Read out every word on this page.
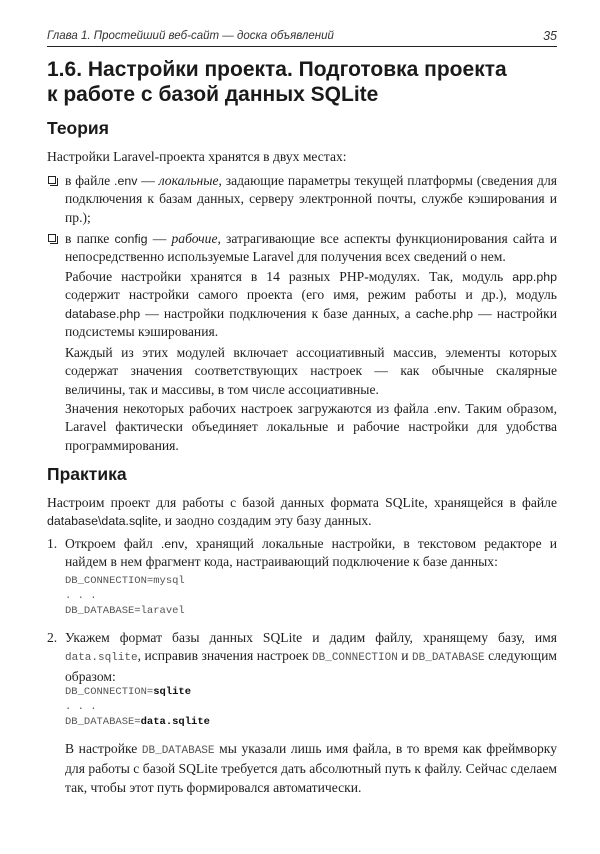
Глава 1. Простейший веб-сайт — доска объявлений	35
1.6. Настройки проекта. Подготовка проекта
к работе с базой данных SQLite
Теория

Настройки Laravel-проекта хранятся в двух местах:

в файле .env — локальные, задающие параметры текущей платформы (сведения для подключения к базам данных, серверу электронной почты, службе кэширования и пр.);
в папке config — рабочие, затрагивающие все аспекты функционирования сайта и непосредственно используемые Laravel для получения всех сведений о нем.

Рабочие настройки хранятся в 14 разных PHP-модулях. Так, модуль app.php содержит настройки самого проекта (его имя, режим работы и др.), модуль database.php — настройки подключения к базе данных, а cache.php — настройки подсистемы кэширования.

Каждый из этих модулей включает ассоциативный массив, элементы которых содержат значения соответствующих настроек — как обычные скалярные величины, так и массивы, в том числе ассоциативные.

Значения некоторых рабочих настроек загружаются из файла .env. Таким образом, Laravel фактически объединяет локальные и рабочие настройки для удобства программирования.

Практика

Настроим проект для работы с базой данных формата SQLite, хранящейся в файле database\data.sqlite, и заодно создадим эту базу данных.

1. Откроем файл .env, хранящий локальные настройки, в текстовом редакторе и найдем в нем фрагмент кода, настраивающий подключение к базе данных:
DB_CONNECTION=mysql
. . .
DB_DATABASE=laravel
2. Укажем формат базы данных SQLite и дадим файлу, хранящему базу, имя data.sqlite, исправив значения настроек DB_CONNECTION и DB_DATABASE следующим образом:
DB_CONNECTION=sqlite
. . .
DB_DATABASE=data.sqlite

В настройке DB_DATABASE мы указали лишь имя файла, в то время как фреймворку для работы с базой SQLite требуется дать абсолютный путь к файлу. Сейчас сделаем так, чтобы этот путь формировался автоматически.
